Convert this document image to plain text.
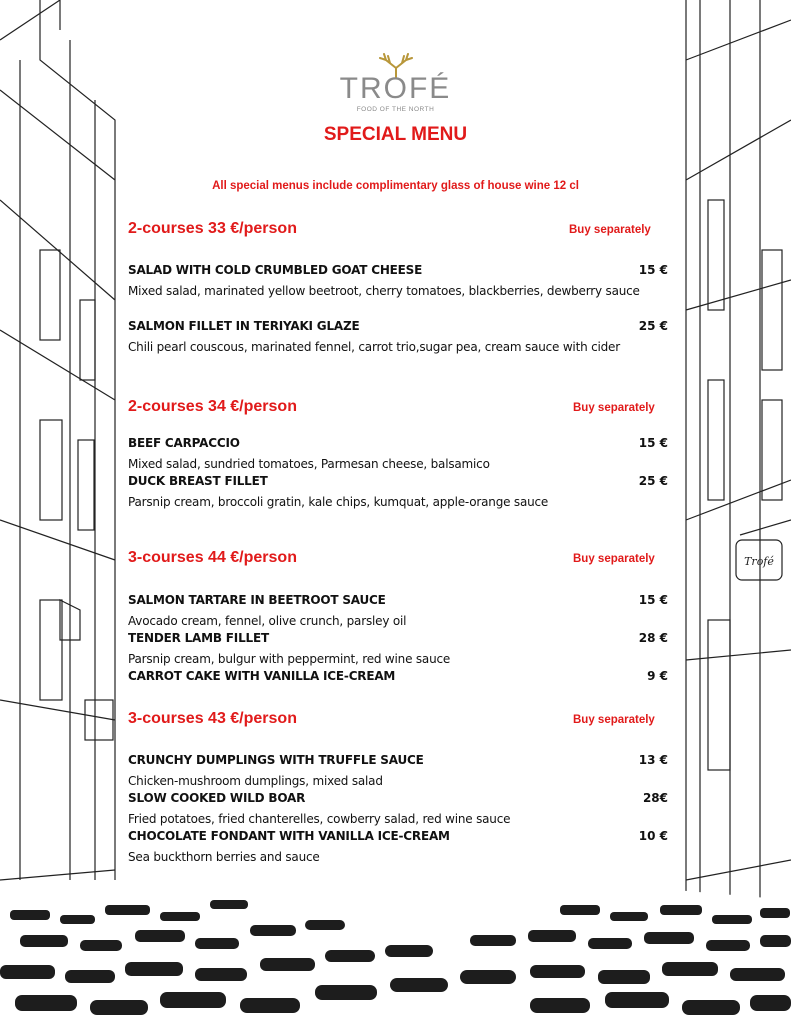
Trofé
TROFÉ
FOOD OF THE NORTH
SPECIAL MENU
All special menus include complimentary glass of house wine 12 cl
2-courses 33 €/person	Buy separately
SALAD WITH COLD CRUMBLED GOAT CHEESE	15 €
Mixed salad, marinated yellow beetroot, cherry tomatoes, blackberries, dewberry sauce
SALMON FILLET IN TERIYAKI GLAZE	25 €
Chili pearl couscous, marinated fennel, carrot trio,sugar pea, cream sauce with cider
2-courses 34 €/person	Buy separately
BEEF CARPACCIO	15 €
Mixed salad, sundried tomatoes, Parmesan cheese, balsamico
DUCK BREAST FILLET	25 €
Parsnip cream, broccoli gratin, kale chips, kumquat, apple-orange sauce
3-courses 44 €/person	Buy separately
SALMON TARTARE IN BEETROOT SAUCE	15 €
Avocado cream, fennel, olive crunch, parsley oil
TENDER LAMB FILLET	28 €
Parsnip cream, bulgur with peppermint, red wine sauce
CARROT CAKE WITH VANILLA ICE-CREAM	9 €
3-courses 43 €/person	Buy separately
CRUNCHY DUMPLINGS WITH TRUFFLE SAUCE	13 €
Chicken-mushroom dumplings, mixed salad
SLOW COOKED WILD BOAR	28€
Fried potatoes, fried chanterelles, cowberry salad, red wine sauce
CHOCOLATE FONDANT WITH VANILLA ICE-CREAM	10 €
Sea buckthorn berries and sauce
